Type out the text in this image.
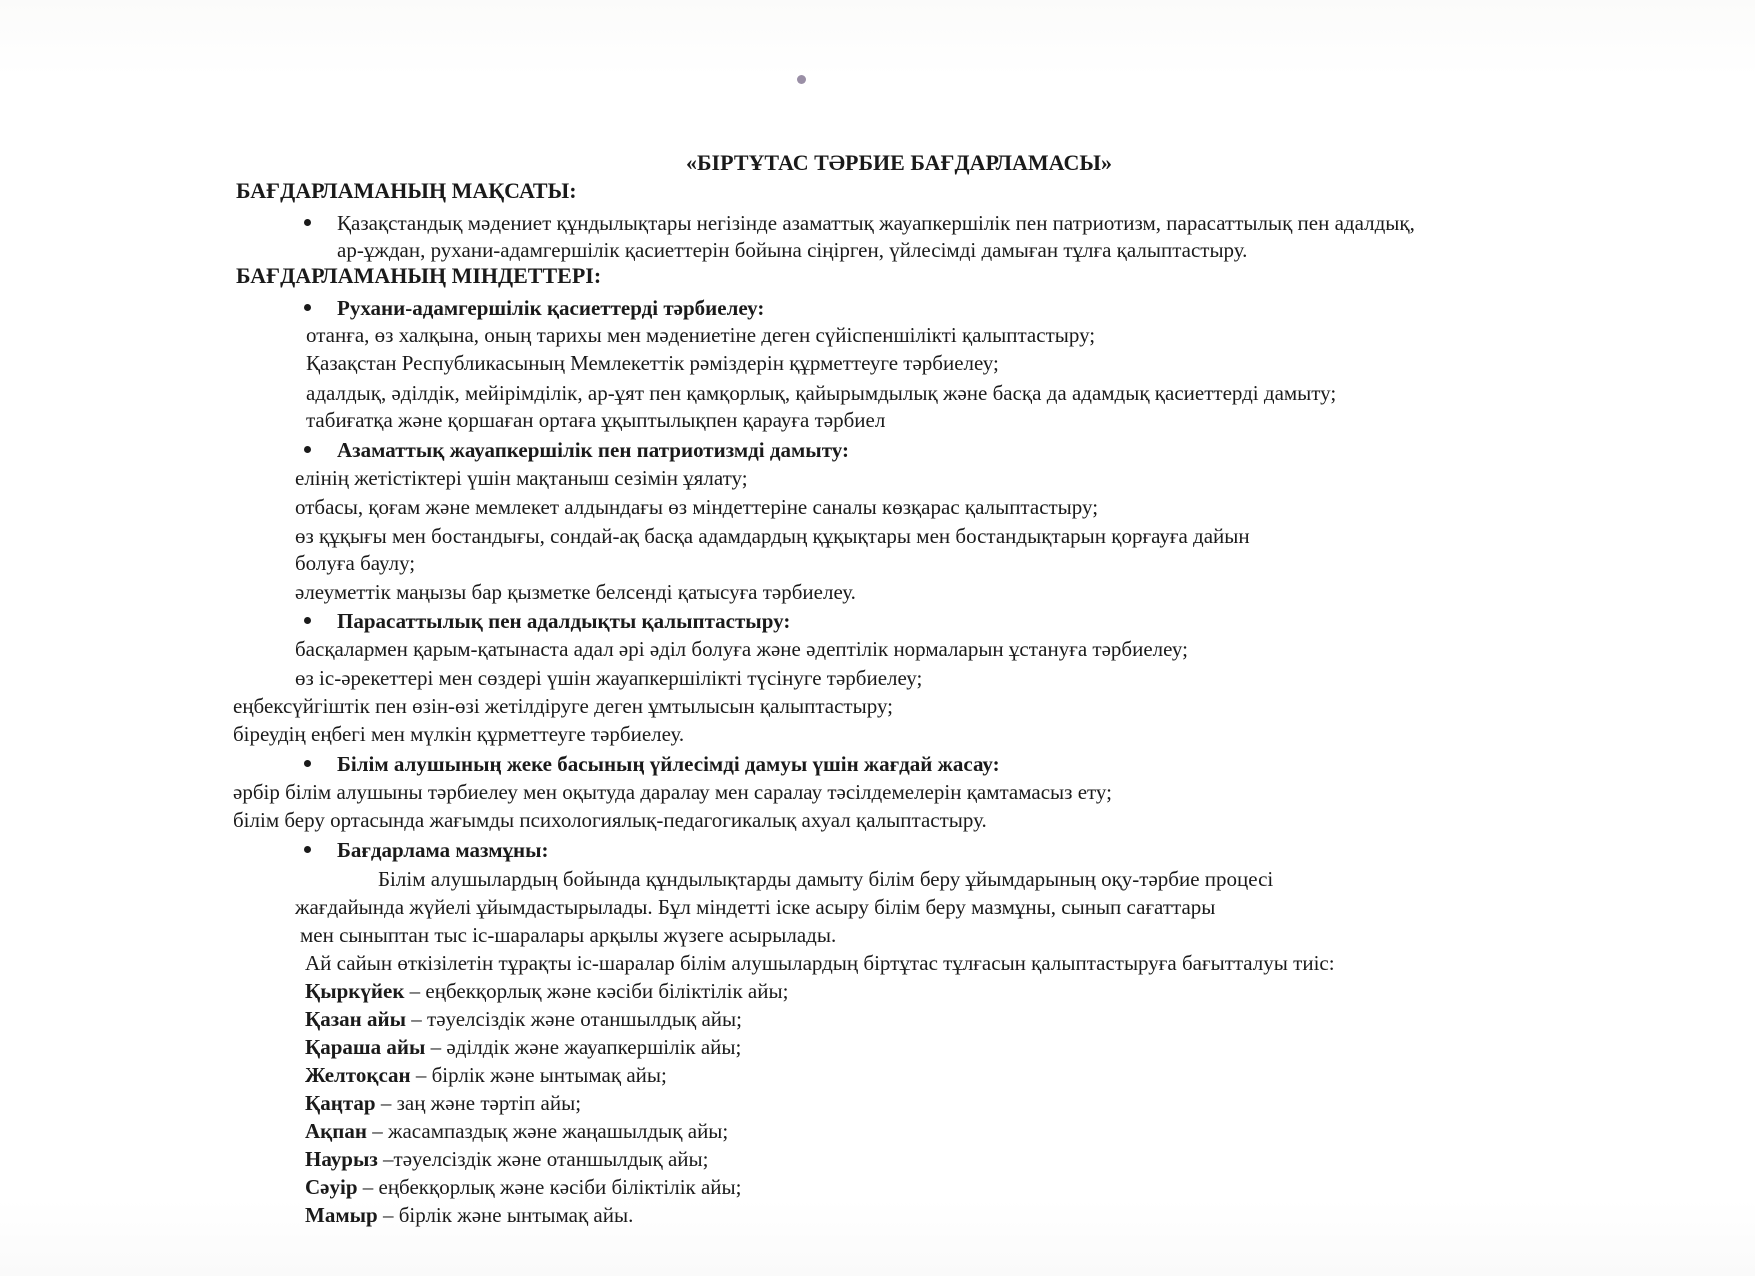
«БІРТҰТАС ТӘРБИЕ БАҒДАРЛАМАСЫ»
БАҒДАРЛАМАНЫҢ МАҚСАТЫ:
Қазақстандық мәдениет құндылықтары негізінде азаматтық жауапкершілік пен патриотизм, парасаттылық пен адалдық,
ар-ұждан, рухани-адамгершілік қасиеттерін бойына сіңірген, үйлесімді дамыған тұлға қалыптастыру.
БАҒДАРЛАМАНЫҢ МІНДЕТТЕРІ:
Рухани-адамгершілік қасиеттерді тәрбиелеу:
отанға, өз халқына, оның тарихы мен мәдениетіне деген сүйіспеншілікті қалыптастыру;
Қазақстан Республикасының Мемлекеттік рәміздерін құрметтеуге тәрбиелеу;
адалдық, әділдік, мейірімділік, ар-ұят пен қамқорлық, қайырымдылық және басқа да адамдық қасиеттерді дамыту;
табиғатқа және қоршаған ортаға ұқыптылықпен қарауға тәрбиел
Азаматтық жауапкершілік пен патриотизмді дамыту:
елінің жетістіктері үшін мақтаныш сезімін ұялату;
отбасы, қоғам және мемлекет алдындағы өз міндеттеріне саналы көзқарас қалыптастыру;
өз құқығы мен бостандығы, сондай-ақ басқа адамдардың құқықтары мен бостандықтарын қорғауға дайын
болуға баулу;
әлеуметтік маңызы бар қызметке белсенді қатысуға тәрбиелеу.
Парасаттылық пен адалдықты қалыптастыру:
басқалармен қарым-қатынаста адал әрі әділ болуға және әдептілік нормаларын ұстануға тәрбиелеу;
өз іс-әрекеттері мен сөздері үшін жауапкершілікті түсінуге тәрбиелеу;
еңбексүйгіштік пен өзін-өзі жетілдіруге деген ұмтылысын қалыптастыру;
біреудің еңбегі мен мүлкін құрметтеуге тәрбиелеу.
Білім алушының жеке басының үйлесімді дамуы үшін жағдай жасау:
әрбір білім алушыны тәрбиелеу мен оқытуда даралау мен саралау тәсілдемелерін қамтамасыз ету;
білім беру ортасында жағымды психологиялық-педагогикалық ахуал қалыптастыру.
Бағдарлама мазмұны:
Білім алушылардың бойында құндылықтарды дамыту білім беру ұйымдарының оқу-тәрбие процесі
жағдайында жүйелі ұйымдастырылады. Бұл міндетті іске асыру білім беру мазмұны, сынып сағаттары
мен сыныптан тыс іс-шаралары арқылы жүзеге асырылады.
Ай сайын өткізілетін тұрақты іс-шаралар білім алушылардың біртұтас тұлғасын қалыптастыруға бағытталуы тиіс:
Қыркүйек – еңбекқорлық және кәсіби біліктілік айы;
Қазан айы – тәуелсіздік және отаншылдық айы;
Қараша айы – әділдік және жауапкершілік айы;
Желтоқсан – бірлік және ынтымақ айы;
Қаңтар – заң және тәртіп айы;
Ақпан – жасампаздық және жаңашылдық айы;
Наурыз –тәуелсіздік және отаншылдық айы;
Сәуір – еңбекқорлық және кәсіби біліктілік айы;
Мамыр – бірлік және ынтымақ айы.
